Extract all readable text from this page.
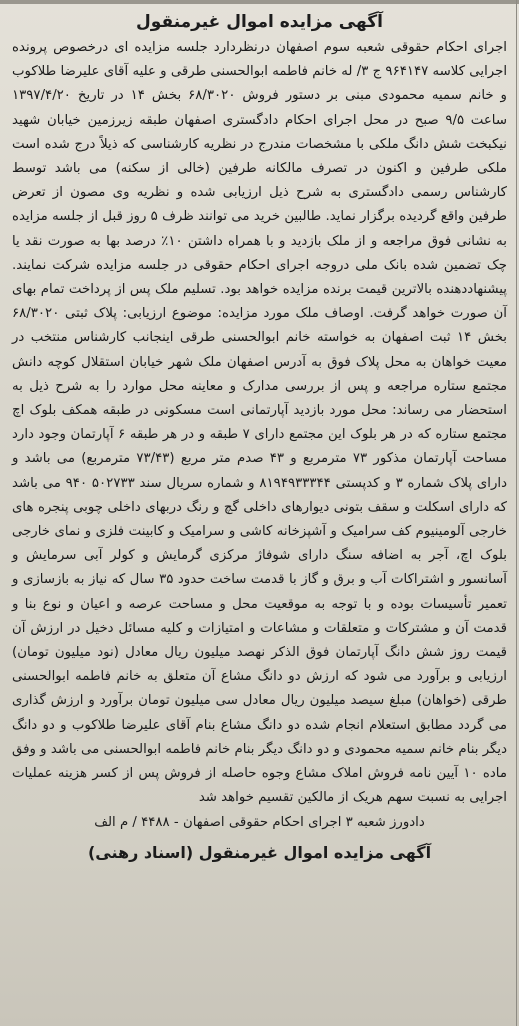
آگهی مزایده اموال غیرمنقول

اجرای احکام حقوقی شعبه سوم اصفهان درنظردارد جلسه مزایده ای درخصوص پرونده اجرایی کلاسه ۹۶۴۱۴۷ ج ۳/ له خانم فاطمه ابوالحسنی طرقی و علیه آقای علیرضا طلاکوب و خانم سمیه محمودی مبنی بر دستور فروش ۶۸/۳۰۲۰ بخش ۱۴ در تاریخ ۱۳۹۷/۴/۲۰ ساعت ۹/۵ صبح در محل اجرای احکام دادگستری اصفهان طبقه زیرزمین خیابان شهید نیکبخت شش دانگ ملکی با مشخصات مندرج در نظریه کارشناسی که ذیلاً درج شده است ملکی طرفین و اکنون در تصرف مالکانه طرفین (خالی از سکنه) می باشد توسط کارشناس رسمی دادگستری به شرح ذیل ارزیابی شده و نظریه وی مصون از تعرض طرفین واقع گردیده برگزار نماید. طالبین خرید می توانند ظرف ۵ روز قبل از جلسه مزایده به نشانی فوق مراجعه و از ملک بازدید و با همراه داشتن ۱۰٪ درصد بها به صورت نقد یا چک تضمین شده بانک ملی دروجه اجرای احکام حقوقی در جلسه مزایده شرکت نمایند. پیشنهاددهنده بالاترین قیمت برنده مزایده خواهد بود. تسلیم ملک پس از پرداخت تمام بهای آن صورت خواهد گرفت. اوصاف ملک مورد مزایده: موضوع ارزیابی: پلاک ثبتی ۶۸/۳۰۲۰ بخش ۱۴ ثبت اصفهان به خواسته خانم ابوالحسنی طرقی اینجانب کارشناس منتخب در معیت خواهان به محل پلاک فوق به آدرس اصفهان ملک شهر خیابان استقلال کوچه دانش مجتمع ستاره مراجعه و پس از بررسی مدارک و معاینه محل موارد را به شرح ذیل به استحضار می رساند: محل مورد بازدید آپارتمانی است مسکونی در طبقه همکف بلوک اچ مجتمع ستاره که در هر بلوک این مجتمع دارای ۷ طبقه و در هر طبقه ۶ آپارتمان وجود دارد مساحت آپارتمان مذکور ۷۳ مترمربع و ۴۳ صدم متر مربع (۷۳/۴۳ مترمربع) می باشد و دارای پلاک شماره ۳ و کدپستی ۸۱۹۴۹۳۳۳۴۴ و شماره سریال سند ۵۰۲۷۳۳ ۹۴۰ می باشد که دارای اسکلت و سقف بتونی دیوارهای داخلی گچ و رنگ دربهای داخلی چوبی پنجره های خارجی آلومینیوم کف سرامیک و آشپزخانه کاشی و سرامیک و کابینت فلزی و نمای خارجی بلوک اچ، آجر به اضافه سنگ دارای شوفاژ مرکزی گرمایش و کولر آبی سرمایش و آسانسور و اشتراکات آب و برق و گاز با قدمت ساخت حدود ۳۵ سال که نیاز به بازسازی و تعمیر تأسیسات بوده و با توجه به موقعیت محل و مساحت عرصه و اعیان و نوع بنا و قدمت آن و مشترکات و متعلقات و مشاعات و امتیازات و کلیه مسائل دخیل در ارزش آن قیمت روز شش دانگ آپارتمان فوق الذکر نهصد میلیون ریال معادل (نود میلیون تومان) ارزیابی و برآورد می شود که ارزش دو دانگ مشاع آن متعلق به خانم فاطمه ابوالحسنی طرقی (خواهان) مبلغ سیصد میلیون ریال معادل سی میلیون تومان برآورد و ارزش گذاری می گردد مطابق استعلام انجام شده دو دانگ مشاع بنام آقای علیرضا طلاکوب و دو دانگ دیگر بنام خانم سمیه محمودی و دو دانگ دیگر بنام خانم فاطمه ابوالحسنی می باشد و وفق ماده ۱۰ آیین نامه فروش املاک مشاع وجوه حاصله از فروش پس از کسر هزینه عملیات اجرایی به نسبت سهم هریک از مالکین تقسیم خواهد شد

دادورز شعبه ۳ اجرای احکام حقوقی اصفهان - ۴۴۸۸ / م الف

آگهی مزایده اموال غیرمنقول (اسناد رهنی)
